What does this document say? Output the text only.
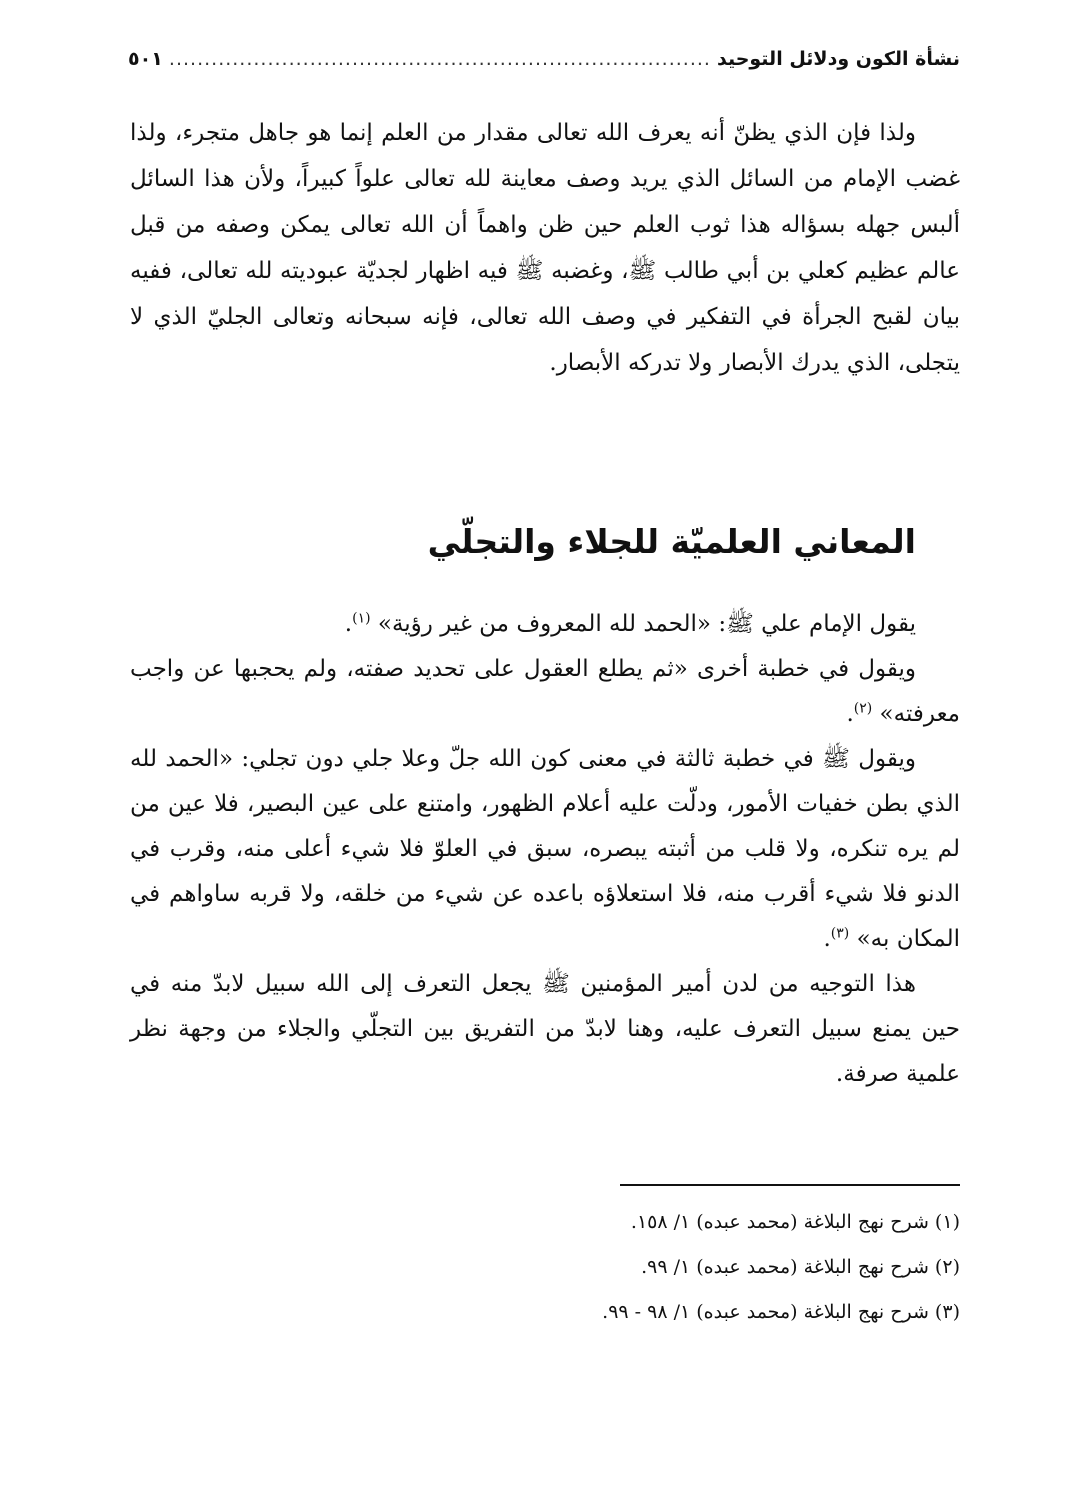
نشأة الكون ودلائل التوحيد
.....
٥٠١

ولذا فإن الذي يظنّ أنه يعرف الله تعالى مقدار من العلم إنما هو جاهل متجرء، ولذا غضب الإمام من السائل الذي يريد وصف معاينة لله تعالى علواً كبيراً، ولأن هذا السائل ألبس جهله بسؤاله هذا ثوب العلم حين ظن واهماً أن الله تعالى يمكن وصفه من قبل عالم عظيم كعلي بن أبي طالب ﷺ، وغضبه ﷺ فيه اظهار لجديّة عبوديته لله تعالى، ففيه بيان لقبح الجرأة في التفكير في وصف الله تعالى، فإنه سبحانه وتعالى الجليّ الذي لا يتجلى، الذي يدرك الأبصار ولا تدركه الأبصار.

المعاني العلميّة للجلاء والتجلّي

يقول الإمام علي ﷺ: «الحمد لله المعروف من غير رؤية» $^{(١)}$.

ويقول في خطبة أخرى «ثم يطلع العقول على تحديد صفته، ولم يحجبها عن واجب معرفته» $^{(٢)}$.

ويقول ﷺ في خطبة ثالثة في معنى كون الله جلّ وعلا جلي دون تجلي: «الحمد لله الذي بطن خفيات الأمور، ودلّت عليه أعلام الظهور، وامتنع على عين البصير، فلا عين من لم يره تنكره، ولا قلب من أثبته يبصره، سبق في العلوّ فلا شيء أعلى منه، وقرب في الدنو فلا شيء أقرب منه، فلا استعلاؤه باعده عن شيء من خلقه، ولا قربه ساواهم في المكان به» $^{(٣)}$.

هذا التوجيه من لدن أمير المؤمنين ﷺ يجعل التعرف إلى الله سبيل لابدّ منه في حين يمنع سبيل التعرف عليه، وهنا لابدّ من التفريق بين التجلّي والجلاء من وجهة نظر علمية صرفة.

(١) شرح نهج البلاغة (محمد عبده) ١/ ١٥٨.

(٢) شرح نهج البلاغة (محمد عبده) ١/ ٩٩.

(٣) شرح نهج البلاغة (محمد عبده) ١/ ٩٨ - ٩٩.
